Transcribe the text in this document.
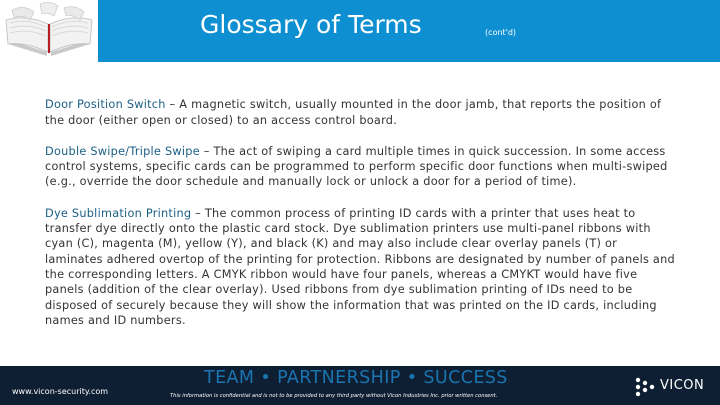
Glossary of Terms	(cont'd)

Door Position Switch – A magnetic switch, usually mounted in the door jamb, that reports the position of the door (either open or closed) to an access control board.

Double Swipe/Triple Swipe – The act of swiping a card multiple times in quick succession. In some access control systems, specific cards can be programmed to perform specific door functions when multi-swiped (e.g., override the door schedule and manually lock or unlock a door for a period of time).

Dye Sublimation Printing – The common process of printing ID cards with a printer that uses heat to transfer dye directly onto the plastic card stock. Dye sublimation printers use multi-panel ribbons with cyan (C), magenta (M), yellow (Y), and black (K) and may also include clear overlay panels (T) or laminates adhered overtop of the printing for protection. Ribbons are designated by number of panels and the corresponding letters. A CMYK ribbon would have four panels, whereas a CMYKT would have five panels (addition of the clear overlay). Used ribbons from dye sublimation printing of IDs need to be disposed of securely because they will show the information that was printed on the ID cards, including names and ID numbers.

www.vicon-security.com
TEAM • PARTNERSHIP • SUCCESS
This information is confidential and is not to be provided to any third party without Vicon Industries Inc. prior written consent.
VICON
